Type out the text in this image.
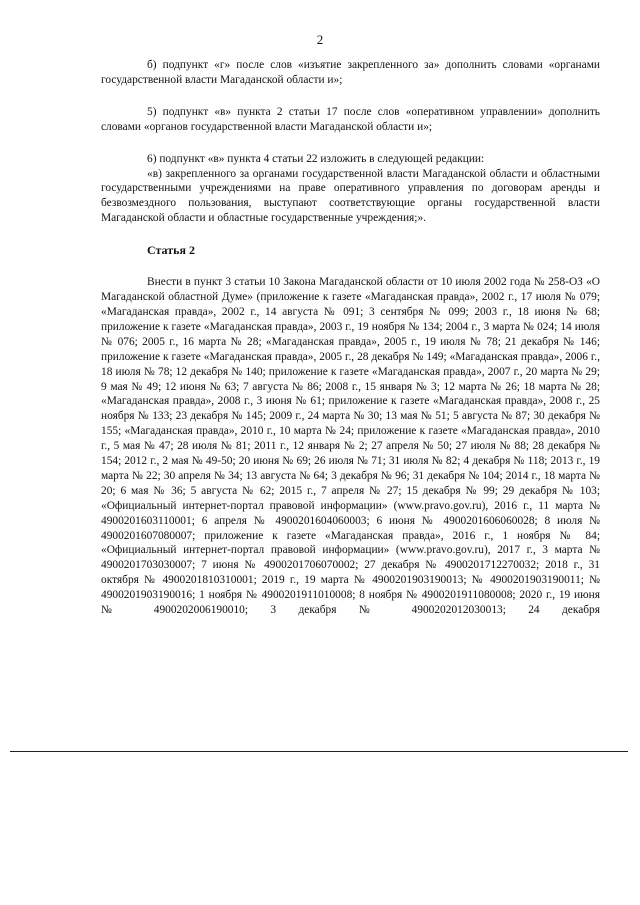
2

б) подпункт «г» после слов «изъятие закрепленного за» дополнить словами «органами государственной власти Магаданской области и»;

5) подпункт «в» пункта 2 статьи 17 после слов «оперативном управлении» дополнить словами «органов государственной власти Магаданской области и»;

6) подпункт «в» пункта 4 статьи 22 изложить в следующей редакции:

«в) закрепленного за органами государственной власти Магаданской области и областными государственными учреждениями на праве оперативного управления по договорам аренды и безвозмездного пользования, выступают соответствующие органы государственной власти Магаданской области и областные государственные учреждения;».

Статья 2

Внести в пункт 3 статьи 10 Закона Магаданской области от 10 июля 2002 года № 258-ОЗ «О Магаданской областной Думе» (приложение к газете «Магаданская правда», 2002 г., 17 июля № 079; «Магаданская правда», 2002 г., 14 августа № 091; 3 сентября № 099; 2003 г., 18 июня № 68; приложение к газете «Магаданская правда», 2003 г., 19 ноября № 134; 2004 г., 3 марта № 024; 14 июля № 076; 2005 г., 16 марта № 28; «Магаданская правда», 2005 г., 19 июля № 78; 21 декабря № 146; приложение к газете «Магаданская правда», 2005 г., 28 декабря № 149; «Магаданская правда», 2006 г., 18 июля № 78; 12 декабря № 140; приложение к газете «Магаданская правда», 2007 г., 20 марта № 29; 9 мая № 49; 12 июня № 63; 7 августа № 86; 2008 г., 15 января № 3; 12 марта № 26; 18 марта № 28; «Магаданская правда», 2008 г., 3 июня № 61; приложение к газете «Магаданская правда», 2008 г., 25 ноября № 133; 23 декабря № 145; 2009 г., 24 марта № 30; 13 мая № 51; 5 августа № 87; 30 декабря № 155; «Магаданская правда», 2010 г., 10 марта № 24; приложение к газете «Магаданская правда», 2010 г., 5 мая № 47; 28 июля № 81; 2011 г., 12 января № 2; 27 апреля № 50; 27 июля № 88; 28 декабря № 154; 2012 г., 2 мая № 49-50; 20 июня № 69; 26 июля № 71; 31 июля № 82; 4 декабря № 118; 2013 г., 19 марта № 22; 30 апреля № 34; 13 августа № 64; 3 декабря № 96; 31 декабря № 104; 2014 г., 18 марта № 20; 6 мая № 36; 5 августа № 62; 2015 г., 7 апреля № 27; 15 декабря № 99; 29 декабря № 103; «Официальный интернет-портал правовой информации» (www.pravo.gov.ru), 2016 г., 11 марта № 4900201603110001; 6 апреля № 4900201604060003; 6 июня № 4900201606060028; 8 июля № 4900201607080007; приложение к газете «Магаданская правда», 2016 г., 1 ноября № 84; «Официальный интернет-портал правовой информации» (www.pravo.gov.ru), 2017 г., 3 марта № 4900201703030007; 7 июня № 4900201706070002; 27 декабря № 4900201712270032; 2018 г., 31 октября № 4900201810310001; 2019 г., 19 марта № 4900201903190013; № 4900201903190011; № 4900201903190016; 1 ноября № 4900201911010008; 8 ноября № 4900201911080008; 2020 г., 19 июня № 4900202006190010; 3 декабря № 4900202012030013; 24 декабря
